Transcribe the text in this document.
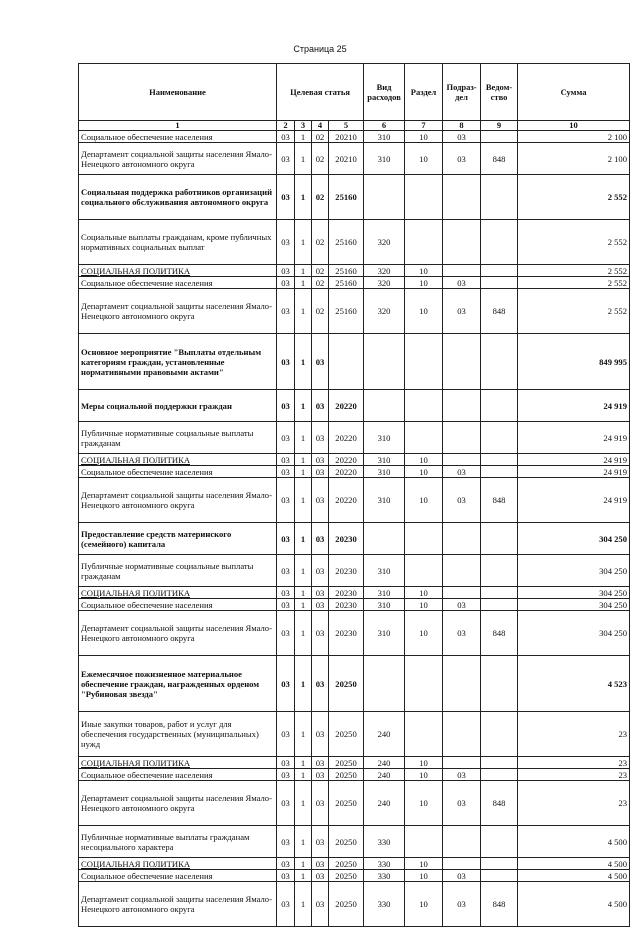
Страница 25
Наименование	Целевая статья				Вид расходов	Раздел	Подраз-дел	Ведом-ство	Сумма
1	2	3	4	5	6	7	8	9	10
Социальное обеспечение населения	03	1	02	20210	310	10	03		2 100
Департамент социальной защиты населения Ямало-Ненецкого автономного округа	03	1	02	20210	310	10	03	848	2 100
Социальная поддержка работников организаций социального обслуживания автономного округа	03	1	02	25160					2 552
Социальные выплаты гражданам, кроме публичных нормативных социальных выплат	03	1	02	25160	320				2 552
СОЦИАЛЬНАЯ ПОЛИТИКА	03	1	02	25160	320	10			2 552
Социальное обеспечение населения	03	1	02	25160	320	10	03		2 552
Департамент социальной защиты населения Ямало-Ненецкого автономного округа	03	1	02	25160	320	10	03	848	2 552
Основное мероприятие "Выплаты отдельным категориям граждан, установленные нормативными правовыми актами"	03	1	03						849 995
Меры социальной поддержки граждан	03	1	03	20220					24 919
Публичные нормативные социальные выплаты гражданам	03	1	03	20220	310				24 919
СОЦИАЛЬНАЯ ПОЛИТИКА	03	1	03	20220	310	10			24 919
Социальное обеспечение населения	03	1	03	20220	310	10	03		24 919
Департамент социальной защиты населения Ямало-Ненецкого автономного округа	03	1	03	20220	310	10	03	848	24 919
Предоставление средств материнского (семейного) капитала	03	1	03	20230					304 250
Публичные нормативные социальные выплаты гражданам	03	1	03	20230	310				304 250
СОЦИАЛЬНАЯ ПОЛИТИКА	03	1	03	20230	310	10			304 250
Социальное обеспечение населения	03	1	03	20230	310	10	03		304 250
Департамент социальной защиты населения Ямало-Ненецкого автономного округа	03	1	03	20230	310	10	03	848	304 250
Ежемесячное пожизненное материальное обеспечение граждан, награжденных орденом "Рубиновая звезда"	03	1	03	20250					4 523
Иные закупки товаров, работ и услуг для обеспечения государственных (муниципальных) нужд	03	1	03	20250	240				23
СОЦИАЛЬНАЯ ПОЛИТИКА	03	1	03	20250	240	10			23
Социальное обеспечение населения	03	1	03	20250	240	10	03		23
Департамент социальной защиты населения Ямало-Ненецкого автономного округа	03	1	03	20250	240	10	03	848	23
Публичные нормативные выплаты гражданам несоциального характера	03	1	03	20250	330				4 500
СОЦИАЛЬНАЯ ПОЛИТИКА	03	1	03	20250	330	10			4 500
Социальное обеспечение населения	03	1	03	20250	330	10	03		4 500
Департамент социальной защиты населения Ямало-Ненецкого автономного округа	03	1	03	20250	330	10	03	848	4 500
